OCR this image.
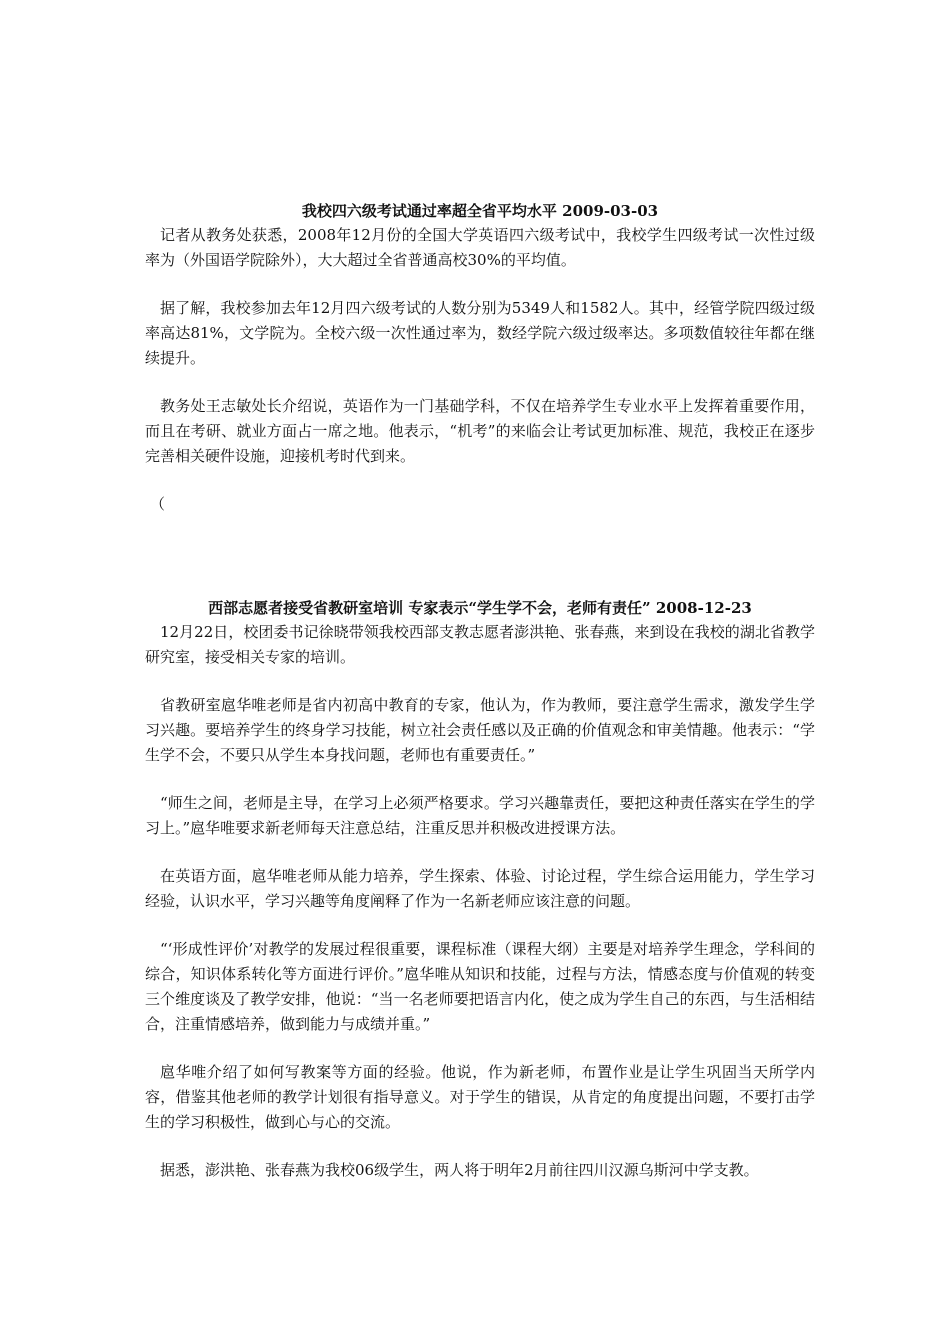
我校四六级考试通过率超全省平均水平 2009-03-03

记者从教务处获悉，2008年12月份的全国大学英语四六级考试中，我校学生四级考试一次性过级率为（外国语学院除外），大大超过全省普通高校30%的平均值。

据了解，我校参加去年12月四六级考试的人数分别为5349人和1582人。其中，经管学院四级过级率高达81%，文学院为。全校六级一次性通过率为，数经学院六级过级率达。多项数值较往年都在继续提升。

教务处王志敏处长介绍说，英语作为一门基础学科，不仅在培养学生专业水平上发挥着重要作用，而且在考研、就业方面占一席之地。他表示，“机考”的来临会让考试更加标准、规范，我校正在逐步完善相关硬件设施，迎接机考时代到来。

（

西部志愿者接受省教研室培训 专家表示“学生学不会，老师有责任” 2008-12-23

12月22日，校团委书记徐晓带领我校西部支教志愿者澎洪艳、张春燕，来到设在我校的湖北省教学研究室，接受相关专家的培训。

省教研室扈华唯老师是省内初高中教育的专家，他认为，作为教师，要注意学生需求，激发学生学习兴趣。要培养学生的终身学习技能，树立社会责任感以及正确的价值观念和审美情趣。他表示：“学生学不会，不要只从学生本身找问题，老师也有重要责任。”

“师生之间，老师是主导，在学习上必须严格要求。学习兴趣靠责任，要把这种责任落实在学生的学习上。”扈华唯要求新老师每天注意总结，注重反思并积极改进授课方法。

在英语方面，扈华唯老师从能力培养，学生探索、体验、讨论过程，学生综合运用能力，学生学习经验，认识水平，学习兴趣等角度阐释了作为一名新老师应该注意的问题。

“‘形成性评价’对教学的发展过程很重要，课程标准（课程大纲）主要是对培养学生理念，学科间的综合，知识体系转化等方面进行评价。”扈华唯从知识和技能，过程与方法，情感态度与价值观的转变三个维度谈及了教学安排，他说：“当一名老师要把语言内化，使之成为学生自己的东西，与生活相结合，注重情感培养，做到能力与成绩并重。”

扈华唯介绍了如何写教案等方面的经验。他说，作为新老师，布置作业是让学生巩固当天所学内容，借鉴其他老师的教学计划很有指导意义。对于学生的错误，从肯定的角度提出问题，不要打击学生的学习积极性，做到心与心的交流。

据悉，澎洪艳、张春燕为我校06级学生，两人将于明年2月前往四川汉源乌斯河中学支教。
